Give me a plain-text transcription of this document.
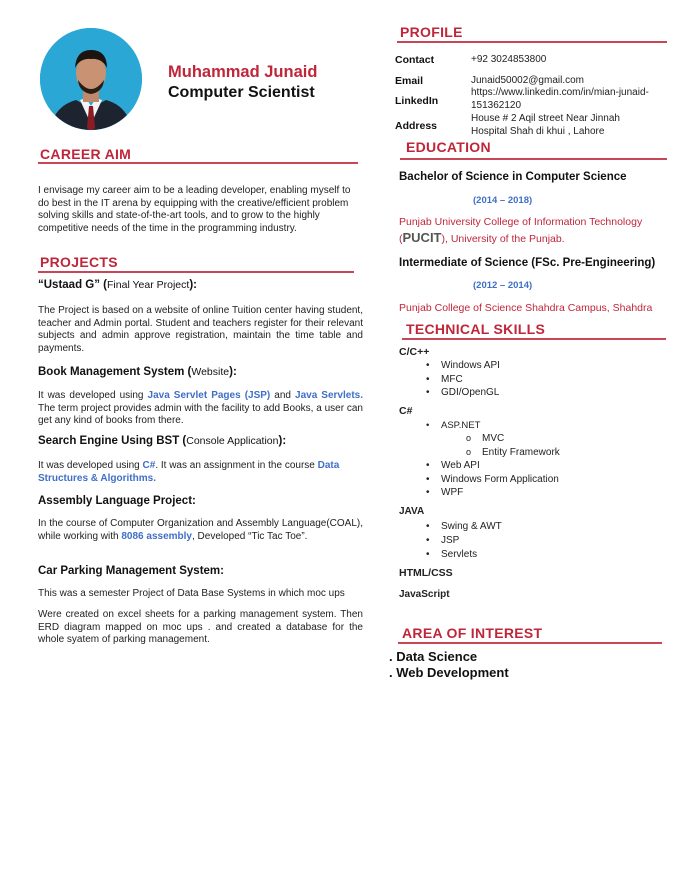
Muhammad Junaid
Computer Scientist
CAREER AIM
I envisage my career aim to be a leading developer, enabling myself to do best in the IT arena by equipping with the creative/efficient problem solving skills and state-of-the-art tools, and to grow to the highly competitive needs of the time in the programming industry.
PROJECTS
“Ustaad G” (Final Year Project):
The Project is based on a website of online Tuition center having student, teacher and Admin portal. Student and teachers register for their relevant subjects and admin approve registration, maintain the time table and payments.
Book Management System (Website):
It was developed using Java Servlet Pages (JSP) and Java Servlets. The term project provides admin with the facility to add Books, a user can get any kind of books from there.
Search Engine Using BST (Console Application):
It was developed using C#. It was an assignment in the course Data Structures & Algorithms.
Assembly Language Project:
In the course of Computer Organization and Assembly Language(COAL), while working with 8086 assembly, Developed “Tic Tac Toe”.
Car Parking Management System:
This was a semester Project of Data Base Systems in which moc ups
Were created on excel sheets for a parking management system. Then ERD diagram mapped on moc ups . and created a database for the whole syatem of parking management.
PROFILE
Contact	+92 3024853800
Email	Junaid50002@gmail.com
LinkedIn
https://www.linkedin.com/in/mian-junaid-151362120
Address
House # 2 Aqil street Near Jinnah Hospital Shah di khui , Lahore
EDUCATION
Bachelor of Science in Computer Science
(2014 – 2018)
Punjab University College of Information Technology
(PUCIT), University of the Punjab.
Intermediate of Science (FSc. Pre-Engineering)
(2012 – 2014)
Punjab College of Science Shahdra Campus, Shahdra
TECHNICAL SKILLS
C/C++
• Windows API
• MFC
• GDI/OpenGL
C#
• ASP.NET
o MVC
o Entity Framework
• Web API
• Windows Form Application
• WPF
JAVA
• Swing & AWT
• JSP
• Servlets
HTML/CSS
JavaScript
AREA OF INTEREST
. Data Science
. Web Development
